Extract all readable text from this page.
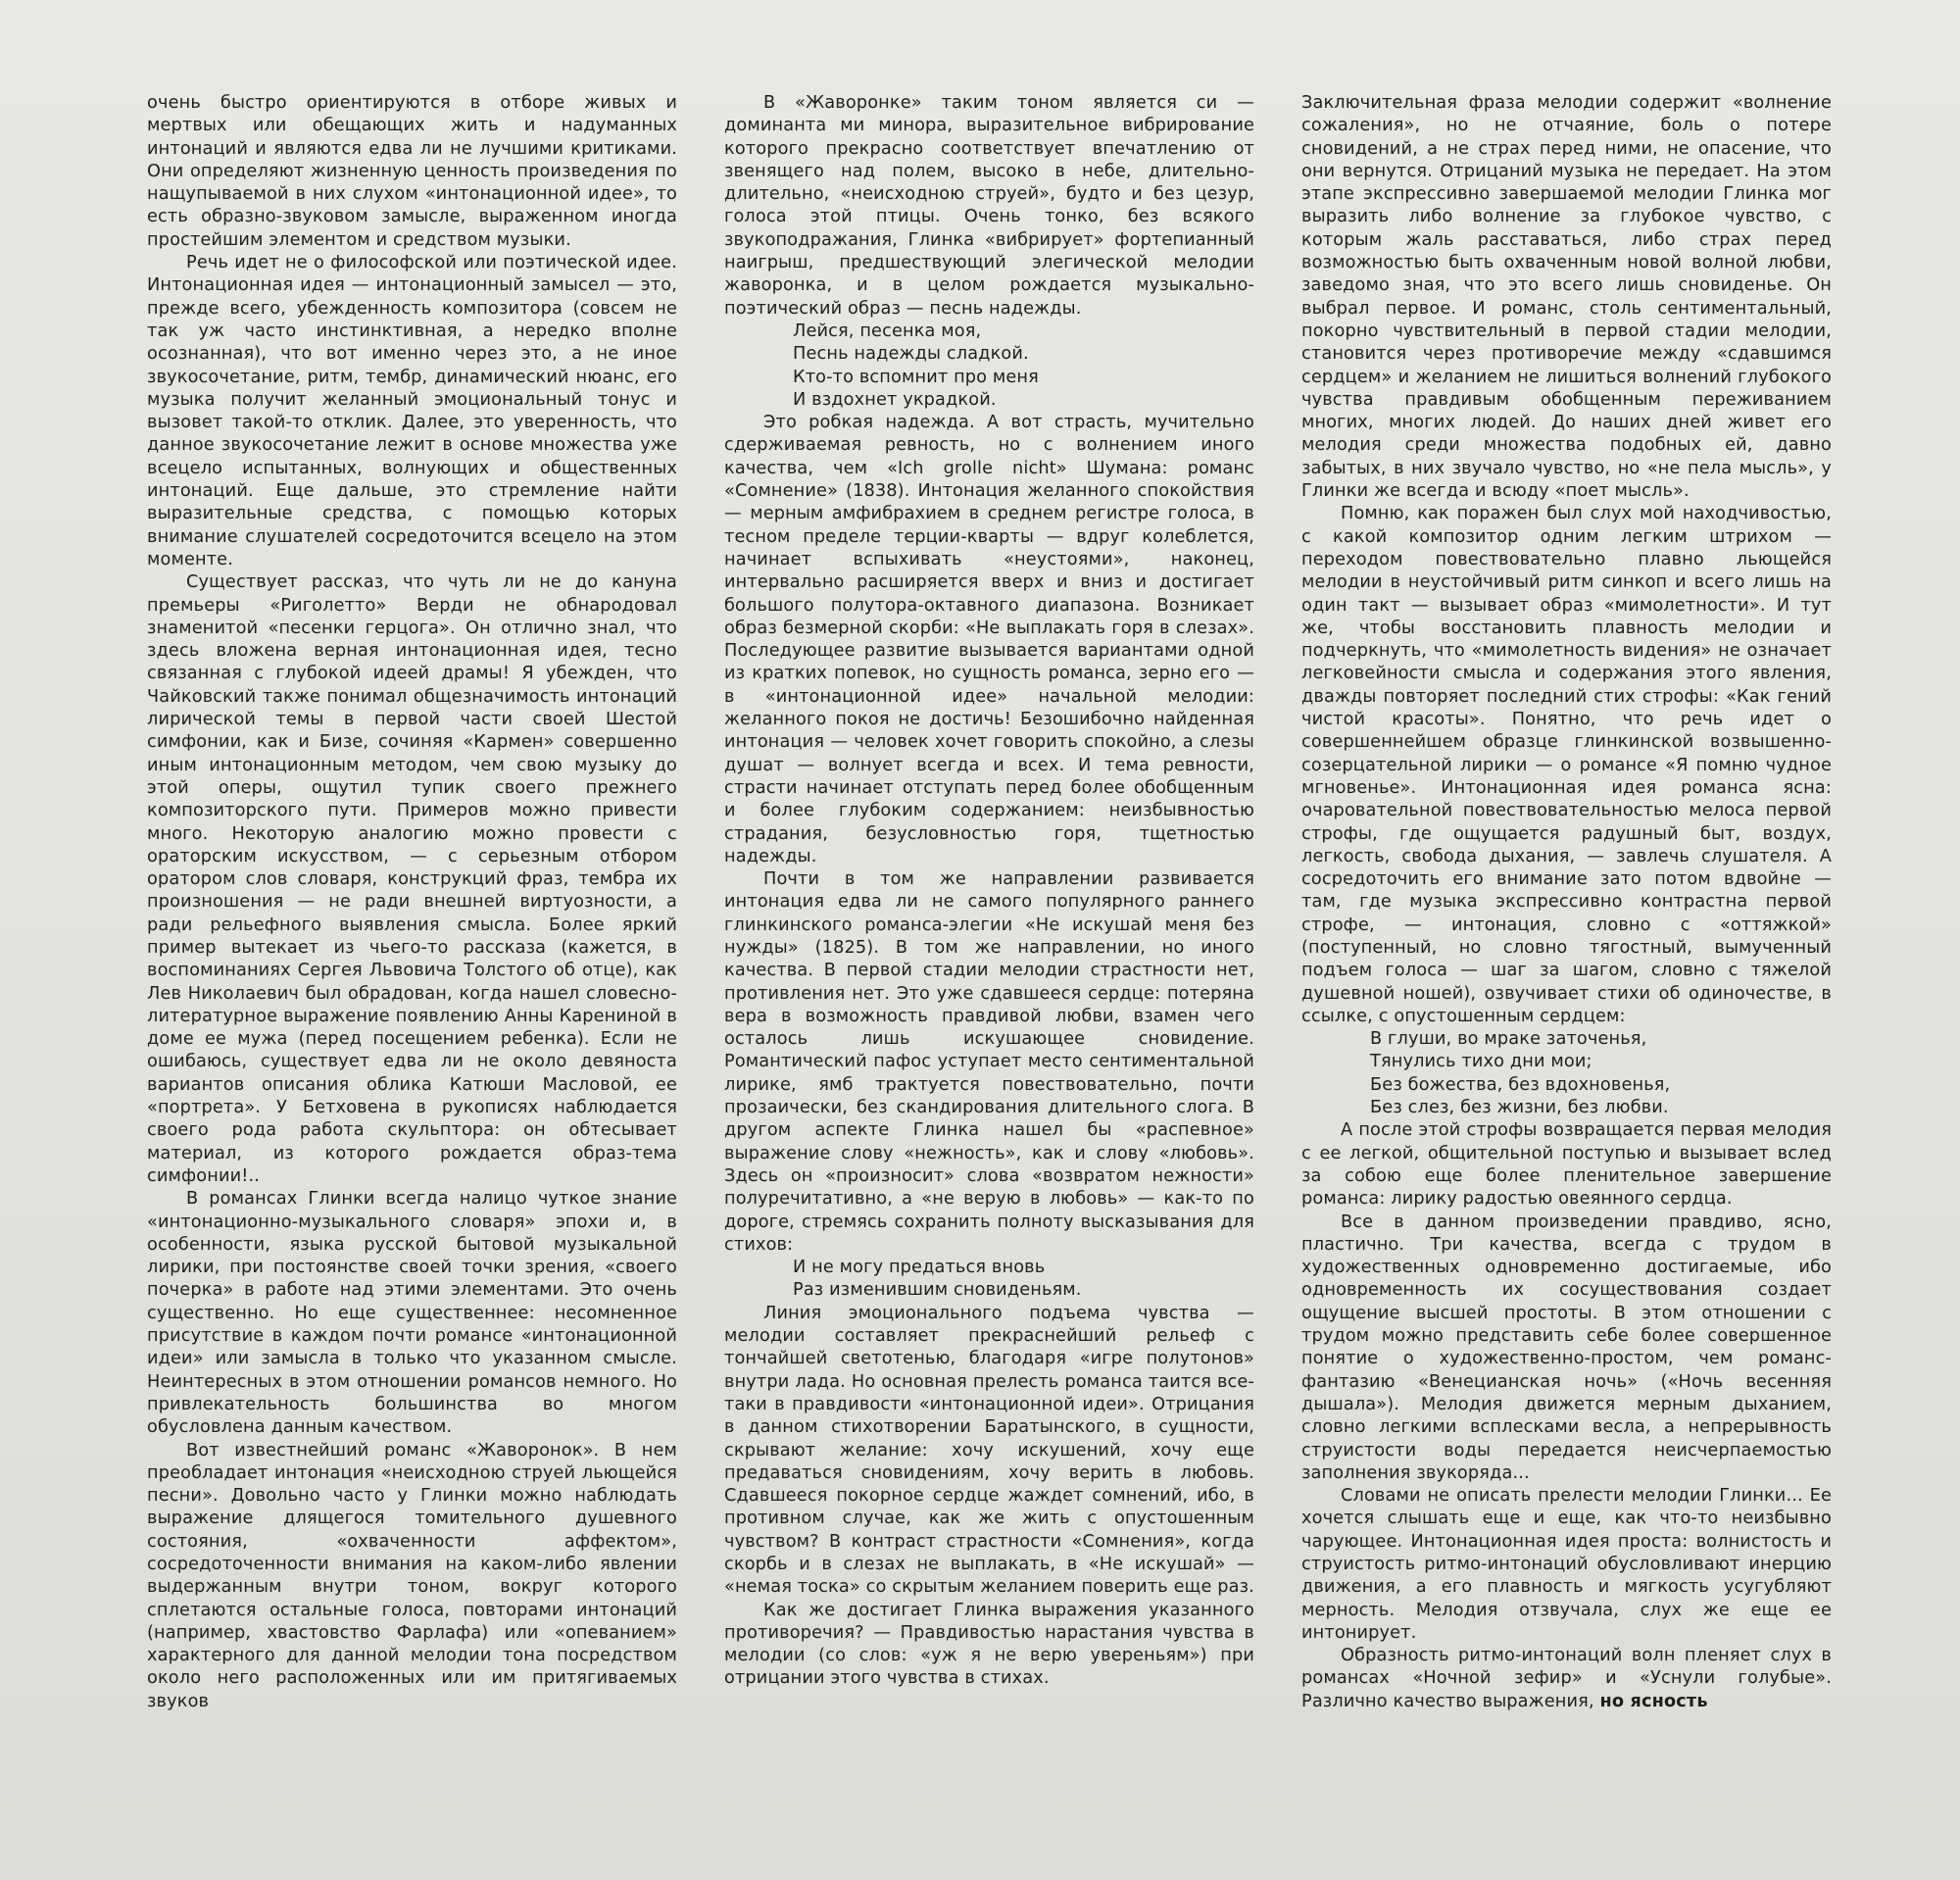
очень быстро ориентируются в отборе живых и мертвых или обещающих жить и надуманных интонаций и являются едва ли не лучшими критиками. Они определяют жизненную ценность произведения по нащупываемой в них слухом «интонационной идее», то есть образно-звуковом замысле, выраженном иногда простейшим элементом и средством музыки.

Речь идет не о философской или поэтической идее. Интонационная идея — интонационный замысел — это, прежде всего, убежденность композитора (совсем не так уж часто инстинктивная, а нередко вполне осознанная), что вот именно через это, а не иное звукосочетание, ритм, тембр, динамический нюанс, его музыка получит желанный эмоциональный тонус и вызовет такой-то отклик. Далее, это уверенность, что данное звукосочетание лежит в основе множества уже всецело испытанных, волнующих и общественных интонаций. Еще дальше, это стремление найти выразительные средства, с помощью которых внимание слушателей сосредоточится всецело на этом моменте.

Существует рассказ, что чуть ли не до кануна премьеры «Риголетто» Верди не обнародовал знаменитой «песенки герцога». Он отлично знал, что здесь вложена верная интонационная идея, тесно связанная с глубокой идеей драмы! Я убежден, что Чайковский также понимал общезначимость интонаций лирической темы в первой части своей Шестой симфонии, как и Бизе, сочиняя «Кармен» совершенно иным интонационным методом, чем свою музыку до этой оперы, ощутил тупик своего прежнего композиторского пути. Примеров можно привести много. Некоторую аналогию можно провести с ораторским искусством, — с серьезным отбором оратором слов словаря, конструкций фраз, тембра их произношения — не ради внешней виртуозности, а ради рельефного выявления смысла. Более яркий пример вытекает из чьего-то рассказа (кажется, в воспоминаниях Сергея Львовича Толстого об отце), как Лев Николаевич был обрадован, когда нашел словесно-литературное выражение появлению Анны Карениной в доме ее мужа (перед посещением ребенка). Если не ошибаюсь, существует едва ли не около девяноста вариантов описания облика Катюши Масловой, ее «портрета». У Бетховена в рукописях наблюдается своего рода работа скульптора: он обтесывает материал, из которого рождается образ-тема симфонии!..

В романсах Глинки всегда налицо чуткое знание «интонационно-музыкального словаря» эпохи и, в особенности, языка русской бытовой музыкальной лирики, при постоянстве своей точки зрения, «своего почерка» в работе над этими элементами. Это очень существенно. Но еще существеннее: несомненное присутствие в каждом почти романсе «интонационной идеи» или замысла в только что указанном смысле. Неинтересных в этом отношении романсов немного. Но привлекательность большинства во многом обусловлена данным качеством.

Вот известнейший романс «Жаворонок». В нем преобладает интонация «неисходною струей льющейся песни». Довольно часто у Глинки можно наблюдать выражение длящегося томительного душевного состояния, «охваченности аффектом», сосредоточенности внимания на каком-либо явлении выдержанным внутри тоном, вокруг которого сплетаются остальные голоса, повторами интонаций (например, хвастовство Фарлафа) или «опеванием» характерного для данной мелодии тона посредством около него расположенных или им притягиваемых звуков

В «Жаворонке» таким тоном является си — доминанта ми минора, выразительное вибрирование которого прекрасно соответствует впечатлению от звенящего над полем, высоко в небе, длительно-длительно, «неисходною струей», будто и без цезур, голоса этой птицы. Очень тонко, без всякого звукоподражания, Глинка «вибрирует» фортепианный наигрыш, предшествующий элегической мелодии жаворонка, и в целом рождается музыкально-поэтический образ — песнь надежды.

Лейся, песенка моя,
Песнь надежды сладкой.
Кто-то вспомнит про меня
И вздохнет украдкой.

Это робкая надежда. А вот страсть, мучительно сдерживаемая ревность, но с волнением иного качества, чем «Ich grolle nicht» Шумана: романс «Сомнение» (1838). Интонация желанного спокойствия — мерным амфибрахием в среднем регистре голоса, в тесном пределе терции-кварты — вдруг колеблется, начинает вспыхивать «неустоями», наконец, интервально расширяется вверх и вниз и достигает большого полутора-октавного диапазона. Возникает образ безмерной скорби: «Не выплакать горя в слезах». Последующее развитие вызывается вариантами одной из кратких попевок, но сущность романса, зерно его — в «интонационной идее» начальной мелодии: желанного покоя не достичь! Безошибочно найденная интонация — человек хочет говорить спокойно, а слезы душат — волнует всегда и всех. И тема ревности, страсти начинает отступать перед более обобщенным и более глубоким содержанием: неизбывностью страдания, безусловностью горя, тщетностью надежды.

Почти в том же направлении развивается интонация едва ли не самого популярного раннего глинкинского романса-элегии «Не искушай меня без нужды» (1825). В том же направлении, но иного качества. В первой стадии мелодии страстности нет, противления нет. Это уже сдавшееся сердце: потеряна вера в возможность правдивой любви, взамен чего осталось лишь искушающее сновидение. Романтический пафос уступает место сентиментальной лирике, ямб трактуется повествовательно, почти прозаически, без скандирования длительного слога. В другом аспекте Глинка нашел бы «распевное» выражение слову «нежность», как и слову «любовь». Здесь он «произносит» слова «возвратом нежности» полуречитативно, а «не верую в любовь» — как-то по дороге, стремясь сохранить полноту высказывания для стихов:

И не могу предаться вновь
Раз изменившим сновиденьям.

Линия эмоционального подъема чувства — мелодии составляет прекраснейший рельеф с тончайшей светотенью, благодаря «игре полутонов» внутри лада. Но основная прелесть романса таится все-таки в правдивости «интонационной идеи». Отрицания в данном стихотворении Баратынского, в сущности, скрывают желание: хочу искушений, хочу еще предаваться сновидениям, хочу верить в любовь. Сдавшееся покорное сердце жаждет сомнений, ибо, в противном случае, как же жить с опустошенным чувством? В контраст страстности «Сомнения», когда скорбь и в слезах не выплакать, в «Не искушай» — «немая тоска» со скрытым желанием поверить еще раз.

Как же достигает Глинка выражения указанного противоречия? — Правдивостью нарастания чувства в мелодии (со слов: «уж я не верю увереньям») при отрицании этого чувства в стихах.

Заключительная фраза мелодии содержит «волнение сожаления», но не отчаяние, боль о потере сновидений, а не страх перед ними, не опасение, что они вернутся. Отрицаний музыка не передает. На этом этапе экспрессивно завершаемой мелодии Глинка мог выразить либо волнение за глубокое чувство, с которым жаль расставаться, либо страх перед возможностью быть охваченным новой волной любви, заведомо зная, что это всего лишь сновиденье. Он выбрал первое. И романс, столь сентиментальный, покорно чувствительный в первой стадии мелодии, становится через противоречие между «сдавшимся сердцем» и желанием не лишиться волнений глубокого чувства правдивым обобщенным переживанием многих, многих людей. До наших дней живет его мелодия среди множества подобных ей, давно забытых, в них звучало чувство, но «не пела мысль», у Глинки же всегда и всюду «поет мысль».

Помню, как поражен был слух мой находчивостью, с какой композитор одним легким штрихом — переходом повествовательно плавно льющейся мелодии в неустойчивый ритм синкоп и всего лишь на один такт — вызывает образ «мимолетности». И тут же, чтобы восстановить плавность мелодии и подчеркнуть, что «мимолетность видения» не означает легковейности смысла и содержания этого явления, дважды повторяет последний стих строфы: «Как гений чистой красоты». Понятно, что речь идет о совершеннейшем образце глинкинской возвышенно-созерцательной лирики — о романсе «Я помню чудное мгновенье». Интонационная идея романса ясна: очаровательной повествовательностью мелоса первой строфы, где ощущается радушный быт, воздух, легкость, свобода дыхания, — завлечь слушателя. А сосредоточить его внимание зато потом вдвойне — там, где музыка экспрессивно контрастна первой строфе, — интонация, словно с «оттяжкой» (поступенный, но словно тягостный, вымученный подъем голоса — шаг за шагом, словно с тяжелой душевной ношей), озвучивает стихи об одиночестве, в ссылке, с опустошенным сердцем:

В глуши, во мраке заточенья,
Тянулись тихо дни мои;
Без божества, без вдохновенья,
Без слез, без жизни, без любви.

А после этой строфы возвращается первая мелодия с ее легкой, общительной поступью и вызывает вслед за собою еще более пленительное завершение романса: лирику радостью овеянного сердца.

Все в данном произведении правдиво, ясно, пластично. Три качества, всегда с трудом в художественных одновременно достигаемые, ибо одновременность их сосуществования создает ощущение высшей простоты. В этом отношении с трудом можно представить себе более совершенное понятие о художественно-простом, чем романс-фантазию «Венецианская ночь» («Ночь весенняя дышала»). Мелодия движется мерным дыханием, словно легкими всплесками весла, а непрерывность струистости воды передается неисчерпаемостью заполнения звукоряда...

Словами не описать прелести мелодии Глинки... Ее хочется слышать еще и еще, как что-то неизбывно чарующее. Интонационная идея проста: волнистость и струистость ритмо-интонаций обусловливают инерцию движения, а его плавность и мягкость усугубляют мерность. Мелодия отзвучала, слух же еще ее интонирует.

Образность ритмо-интонаций волн пленяет слух в романсах «Ночной зефир» и «Уснули голубые». Различно качество выражения, но ясность
